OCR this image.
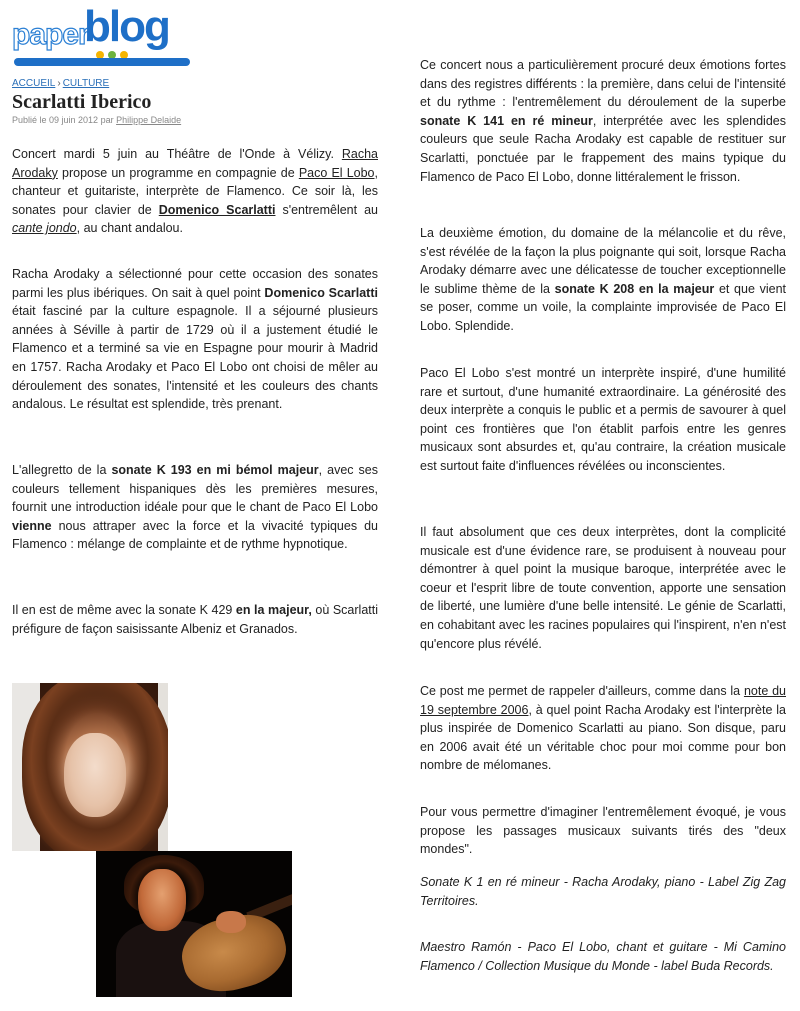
paper
blog
ACCUEIL › CULTURE
Scarlatti Iberico
Publié le 09 juin 2012 par Philippe Delaide

Concert mardi 5 juin au Théâtre de l'Onde à Vélizy. Racha Arodaky propose un programme en compagnie de Paco El Lobo, chanteur et guitariste, interprète de Flamenco. Ce soir là, les sonates pour clavier de Domenico Scarlatti s'entremêlent au cante jondo, au chant andalou.

Racha Arodaky a sélectionné pour cette occasion des sonates parmi les plus ibériques. On sait à quel point Domenico Scarlatti était fasciné par la culture espagnole. Il a séjourné plusieurs années à Séville à partir de 1729 où il a justement étudié le Flamenco et a terminé sa vie en Espagne pour mourir à Madrid en 1757. Racha Arodaky et Paco El Lobo ont choisi de mêler au déroulement des sonates, l'intensité et les couleurs des chants andalous. Le résultat est splendide, très prenant.

L'allegretto de la sonate K 193 en mi bémol majeur, avec ses couleurs tellement hispaniques dès les premières mesures, fournit une introduction idéale pour que le chant de Paco El Lobo vienne nous attraper avec la force et la vivacité typiques du Flamenco : mélange de complainte et de rythme hypnotique.

Il en est de même avec la sonate K 429 en la majeur, où Scarlatti préfigure de façon saisissante Albeniz et Granados.

Ce concert nous a particulièrement procuré deux émotions fortes dans des registres différents : la première, dans celui de l'intensité et du rythme : l'entremêlement du déroulement de la superbe sonate K 141 en ré mineur, interprétée avec les splendides couleurs que seule Racha Arodaky est capable de restituer sur Scarlatti, ponctuée par le frappement des mains typique du Flamenco de Paco El Lobo, donne littéralement le frisson.

La deuxième émotion, du domaine de la mélancolie et du rêve, s'est révélée de la façon la plus poignante qui soit, lorsque Racha Arodaky démarre avec une délicatesse de toucher exceptionnelle le sublime thème de la sonate K 208 en la majeur et que vient se poser, comme un voile, la complainte improvisée de Paco El Lobo. Splendide.

Paco El Lobo s'est montré un interprète inspiré, d'une humilité rare et surtout, d'une humanité extraordinaire. La générosité des deux interprète a conquis le public et a permis de savourer à quel point ces frontières que l'on établit parfois entre les genres musicaux sont absurdes et, qu'au contraire, la création musicale est surtout faite d'influences révélées ou inconscientes.

Il faut absolument que ces deux interprètes, dont la complicité musicale est d'une évidence rare, se produisent à nouveau pour démontrer à quel point la musique baroque, interprétée avec le coeur et l'esprit libre de toute convention, apporte une sensation de liberté, une lumière d'une belle intensité. Le génie de Scarlatti, en cohabitant avec les racines populaires qui l'inspirent, n'en n'est qu'encore plus révélé.

Ce post me permet de rappeler d'ailleurs, comme dans la note du 19 septembre 2006, à quel point Racha Arodaky est l'interprète la plus inspirée de Domenico Scarlatti au piano. Son disque, paru en 2006 avait été un véritable choc pour moi comme pour bon nombre de mélomanes.

Pour vous permettre d'imaginer l'entremêlement évoqué, je vous propose les passages musicaux suivants tirés des "deux mondes".

Sonate K 1 en ré mineur - Racha Arodaky, piano - Label Zig Zag Territoires.

Maestro Ramón - Paco El Lobo, chant et guitare - Mi Camino Flamenco / Collection Musique du Monde - label Buda Records.
